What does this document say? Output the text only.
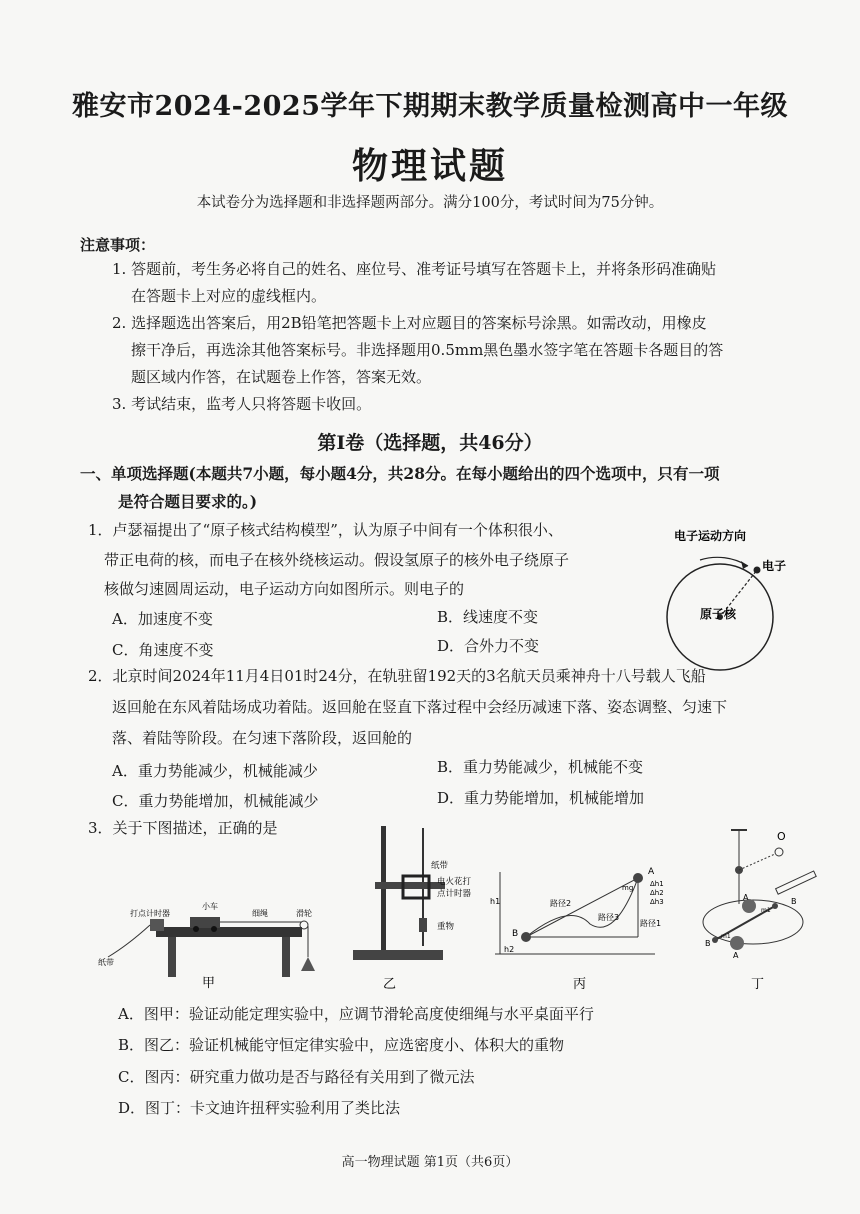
雅安市2024-2025学年下期期末教学质量检测高中一年级
物理试题
本试卷分为选择题和非选择题两部分。满分100分，考试时间为75分钟。
注意事项：
1. 答题前，考生务必将自己的姓名、座位号、准考证号填写在答题卡上，并将条形码准确贴
在答题卡上对应的虚线框内。
2. 选择题选出答案后，用2B铅笔把答题卡上对应题目的答案标号涂黑。如需改动，用橡皮
擦干净后，再选涂其他答案标号。非选择题用0.5mm黑色墨水签字笔在答题卡各题目的答
题区域内作答，在试题卷上作答，答案无效。
3. 考试结束，监考人只将答题卡收回。
第Ⅰ卷（选择题，共46分）
一、单项选择题(本题共7小题，每小题4分，共28分。在每小题给出的四个选项中，只有一项
是符合题目要求的。)
1．卢瑟福提出了“原子核式结构模型”，认为原子中间有一个体积很小、
带正电荷的核，而电子在核外绕核运动。假设氢原子的核外电子绕原子
核做匀速圆周运动，电子运动方向如图所示。则电子的
A．加速度不变	B．线速度不变
C．角速度不变	D．合外力不变
电子运动方向
电子
原子核
2．北京时间2024年11月4日01时24分，在轨驻留192天的3名航天员乘神舟十八号载人飞船
返回舱在东风着陆场成功着陆。返回舱在竖直下落过程中会经历减速下落、姿态调整、匀速下
落、着陆等阶段。在匀速下落阶段，返回舱的
A．重力势能减少，机械能减少	B．重力势能减少，机械能不变
C．重力势能增加，机械能减少	D．重力势能增加，机械能增加
3．关于下图描述，正确的是
打点计时器
小车
细绳	滑轮
纸带
甲
纸带
电火花打
点计时器
重物
乙
A
B
h1
h2
Δh1
Δh2
Δh3
mg
路径1
路径2
路径3
丙
O
A	B
B
A
m1
m1
丁
A．图甲：验证动能定理实验中，应调节滑轮高度使细绳与水平桌面平行
B．图乙：验证机械能守恒定律实验中，应选密度小、体积大的重物
C．图丙：研究重力做功是否与路径有关用到了微元法
D．图丁：卡文迪许扭秤实验利用了类比法
高一物理试题 第1页（共6页）
